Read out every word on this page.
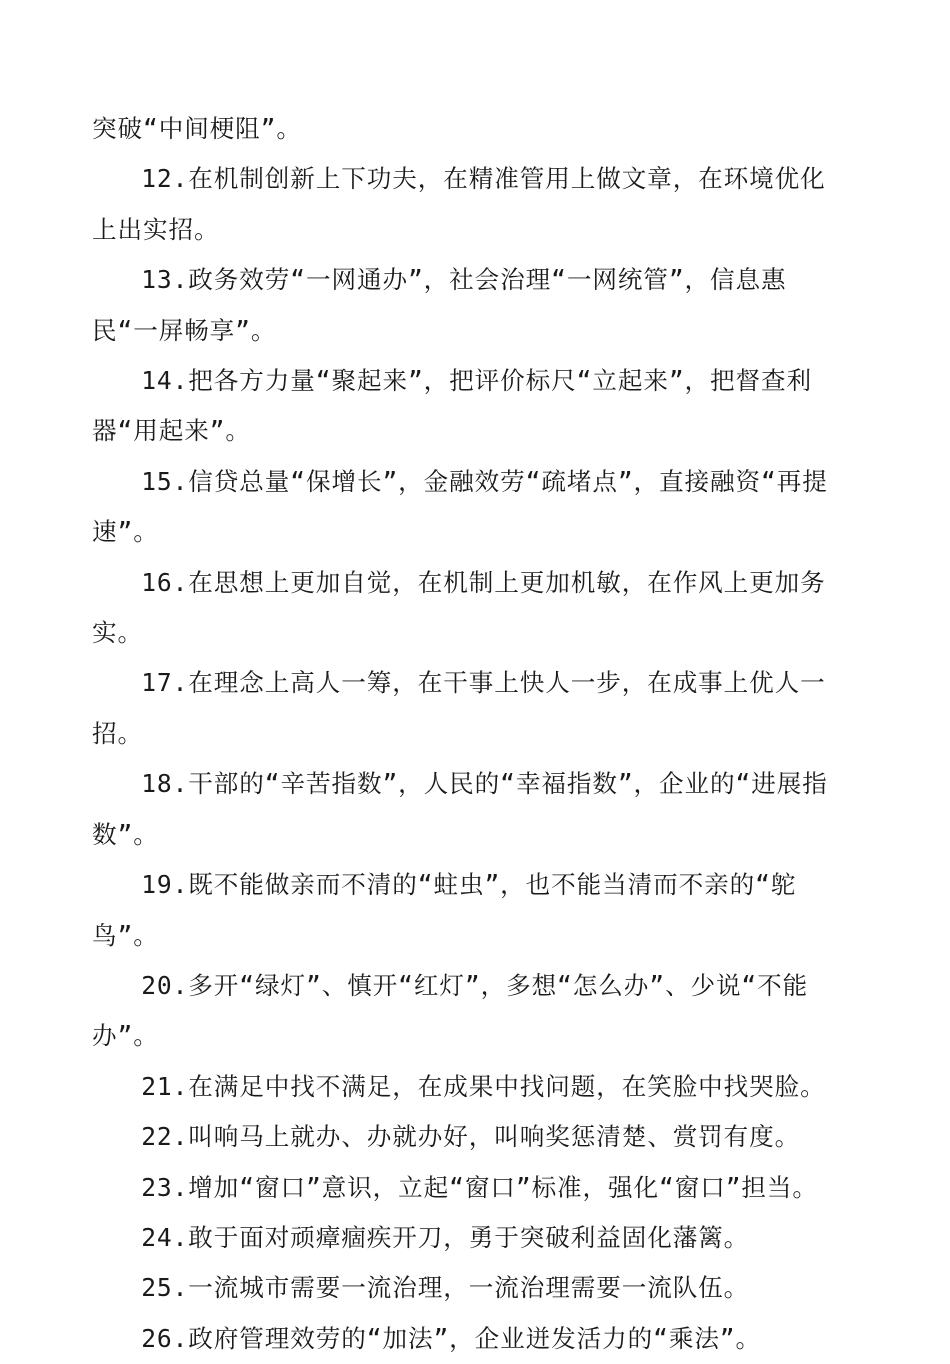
突破“中间梗阻”。

12.在机制创新上下功夫，在精准管用上做文章，在环境优化上出实招。

13.政务效劳“一网通办”，社会治理“一网统管”，信息惠民“一屏畅享”。

14.把各方力量“聚起来”，把评价标尺“立起来”，把督查利器“用起来”。

15.信贷总量“保增长”，金融效劳“疏堵点”，直接融资“再提速”。

16.在思想上更加自觉，在机制上更加机敏，在作风上更加务实。

17.在理念上高人一筹，在干事上快人一步，在成事上优人一招。

18.干部的“辛苦指数”，人民的“幸福指数”，企业的“进展指数”。

19.既不能做亲而不清的“蛀虫”，也不能当清而不亲的“鸵鸟”。

20.多开“绿灯”、慎开“红灯”，多想“怎么办”、少说“不能办”。

21.在满足中找不满足，在成果中找问题，在笑脸中找哭脸。

22.叫响马上就办、办就办好，叫响奖惩清楚、赏罚有度。

23.增加“窗口”意识，立起“窗口”标准，强化“窗口”担当。

24.敢于面对顽瘴痼疾开刀，勇于突破利益固化藩篱。

25.一流城市需要一流治理，一流治理需要一流队伍。

26.政府管理效劳的“加法”，企业迸发活力的“乘法”。
